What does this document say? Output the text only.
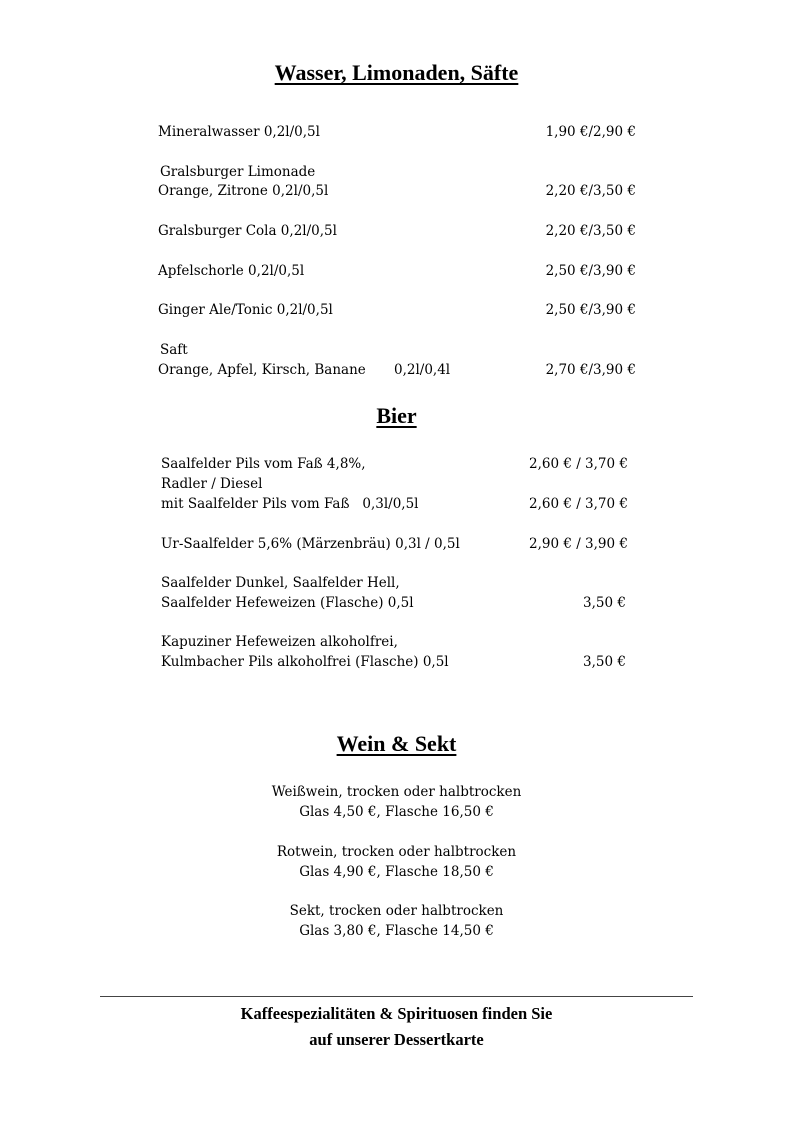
Wasser, Limonaden, Säfte
Mineralwasser 0,2l/0,5l	1,90 €/2,90 €
Gralsburger Limonade
Orange, Zitrone 0,2l/0,5l	2,20 €/3,50 €
Gralsburger Cola 0,2l/0,5l	2,20 €/3,50 €
Apfelschorle 0,2l/0,5l	2,50 €/3,90 €
Ginger Ale/Tonic 0,2l/0,5l	2,50 €/3,90 €
Saft
Orange, Apfel, Kirsch, Banane 0,2l/0,4l	2,70 €/3,90 €
Bier
Saalfelder Pils vom Faß 4,8%,	2,60 € / 3,70 €
Radler / Diesel
mit Saalfelder Pils vom Faß   0,3l/0,5l	2,60 € / 3,70 €
Ur-Saalfelder 5,6% (Märzenbräu) 0,3l / 0,5l	2,90 € / 3,90 €
Saalfelder Dunkel, Saalfelder Hell,
Saalfelder Hefeweizen (Flasche) 0,5l	3,50 €
Kapuziner Hefeweizen alkoholfrei,
Kulmbacher Pils alkoholfrei (Flasche) 0,5l	3,50 €
Wein & Sekt
Weißwein, trocken oder halbtrocken
Glas 4,50 €, Flasche 16,50 €
Rotwein, trocken oder halbtrocken
Glas 4,90 €, Flasche 18,50 €
Sekt, trocken oder halbtrocken
Glas 3,80 €, Flasche 14,50 €
Kaffeespezialitäten & Spirituosen finden Sie
auf unserer Dessertkarte
